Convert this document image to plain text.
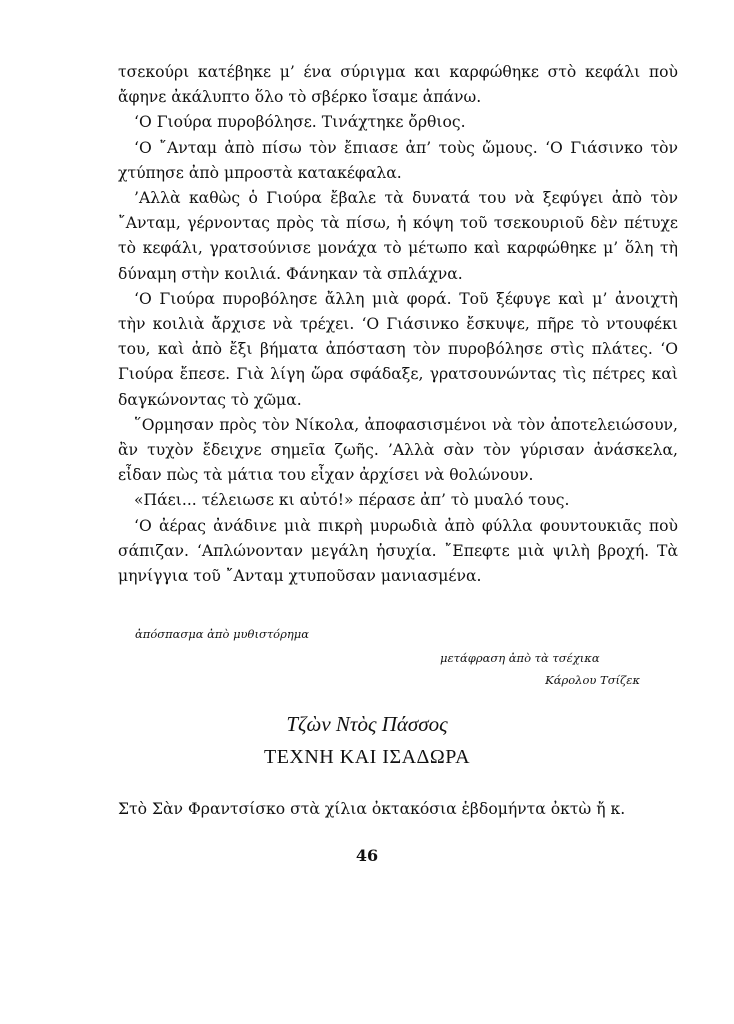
τσεκούρι κατέβηκε μ’ ένα σύριγμα και καρφώθηκε στὸ κεφάλι ποὺ ἄφηνε ἀκάλυπτο ὅλο τὸ σβέρκο ἴσαμε ἀπάνω.

‘Ο Γιούρα πυροβόλησε. Τινάχτηκε ὄρθιος.

‘Ο ῎Ανταμ ἀπὸ πίσω τὸν ἔπιασε ἀπ’ τοὺς ὤμους. ‘Ο Γιάσινκο τὸν χτύπησε ἀπὸ μπροστὰ κατακέφαλα.

’Αλλὰ καθὼς ὁ Γιούρα ἔβαλε τὰ δυνατά του νὰ ξεφύγει ἀπὸ τὸν ῎Ανταμ, γέρνοντας πρὸς τὰ πίσω, ἡ κόψη τοῦ τσεκουριοῦ δὲν πέτυχε τὸ κεφάλι, γρατσούνισε μονάχα τὸ μέτωπο καὶ καρφώθηκε μ’ ὅλη τὴ δύναμη στὴν κοιλιά. Φάνηκαν τὰ σπλάχνα.

‘Ο Γιούρα πυροβόλησε ἄλλη μιὰ φορά. Τοῦ ξέφυγε καὶ μ’ ἀνοιχτὴ τὴν κοιλιὰ ἄρχισε νὰ τρέχει. ‘Ο Γιάσινκο ἔσκυψε, πῆρε τὸ ντουφέκι του, καὶ ἀπὸ ἔξι βήματα ἀπόσταση τὸν πυροβόλησε στὶς πλάτες. ‘Ο Γιούρα ἔπεσε. Γιὰ λίγη ὥρα σφάδαξε, γρατσουνώντας τὶς πέτρες καὶ δαγκώνοντας τὸ χῶμα.

῞Ορμησαν πρὸς τὸν Νίκολα, ἀποφασισμένοι νὰ τὸν ἀποτελειώσουν, ἂν τυχὸν ἔδειχνε σημεῖα ζωῆς. ’Αλλὰ σὰν τὸν γύρισαν ἀνάσκελα, εἶδαν πὼς τὰ μάτια του εἶχαν ἀρχίσει νὰ θολώνουν.

«Πάει... τέλειωσε κι αὐτό!» πέρασε ἀπ’ τὸ μυαλό τους.

‘Ο ἀέρας ἀνάδινε μιὰ πικρὴ μυρωδιὰ ἀπὸ φύλλα φουντουκιᾶς ποὺ σάπιζαν. ‘Απλώνονταν μεγάλη ἡσυχία. ῎Επεφτε μιὰ ψιλὴ βροχή. Τὰ μηνίγγια τοῦ ῎Ανταμ χτυποῦσαν μανιασμένα.

ἀπόσπασμα ἀπὸ μυθιστόρημα
μετάφραση ἀπὸ τὰ τσέχικα
Κάρολου Τσίζεκ
Τζὼν Ντὸς Πάσσος
ΤΕΧΝΗ ΚΑΙ ΙΣΑΔΩΡΑ
Στὸ Σὰν Φραντσίσκο στὰ χίλια ὀκτακόσια ἑβδομήντα ὀκτὼ ἤ κ.
46
